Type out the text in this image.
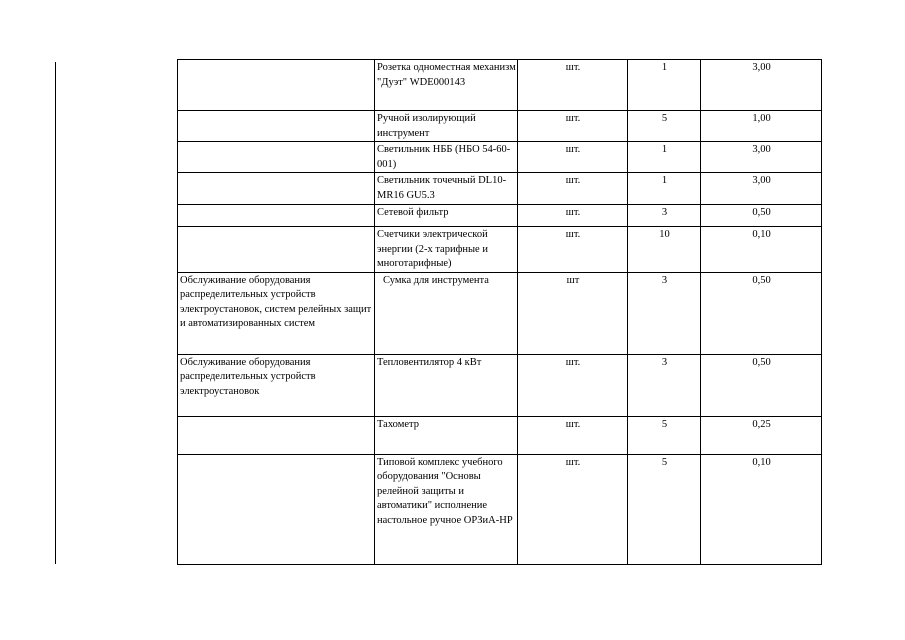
	Розетка одноместная механизм "Дуэт" WDE000143	шт.	1	3,00
	Ручной изолирующий инструмент	шт.	5	1,00
	Светильник НББ (НБО 54-60-001)	шт.	1	3,00
	Светильник точечный DL10-MR16 GU5.3	шт.	1	3,00
	Сетевой фильтр	шт.	3	0,50
	Счетчики электрической энергии (2-х тарифные и многотарифные)	шт.	10	0,10
Обслуживание оборудования распределительных устройств электроустановок, систем релейных защит и автоматизированных систем	Сумка для инструмента	шт	3	0,50
Обслуживание оборудования распределительных устройств электроустановок	Тепловентилятор 4 кВт	шт.	3	0,50
	Тахометр	шт.	5	0,25
	Типовой комплекс учебного оборудования "Основы релейной защиты и автоматики" исполнение настольное ручное ОРЗиА-НР	шт.	5	0,10
